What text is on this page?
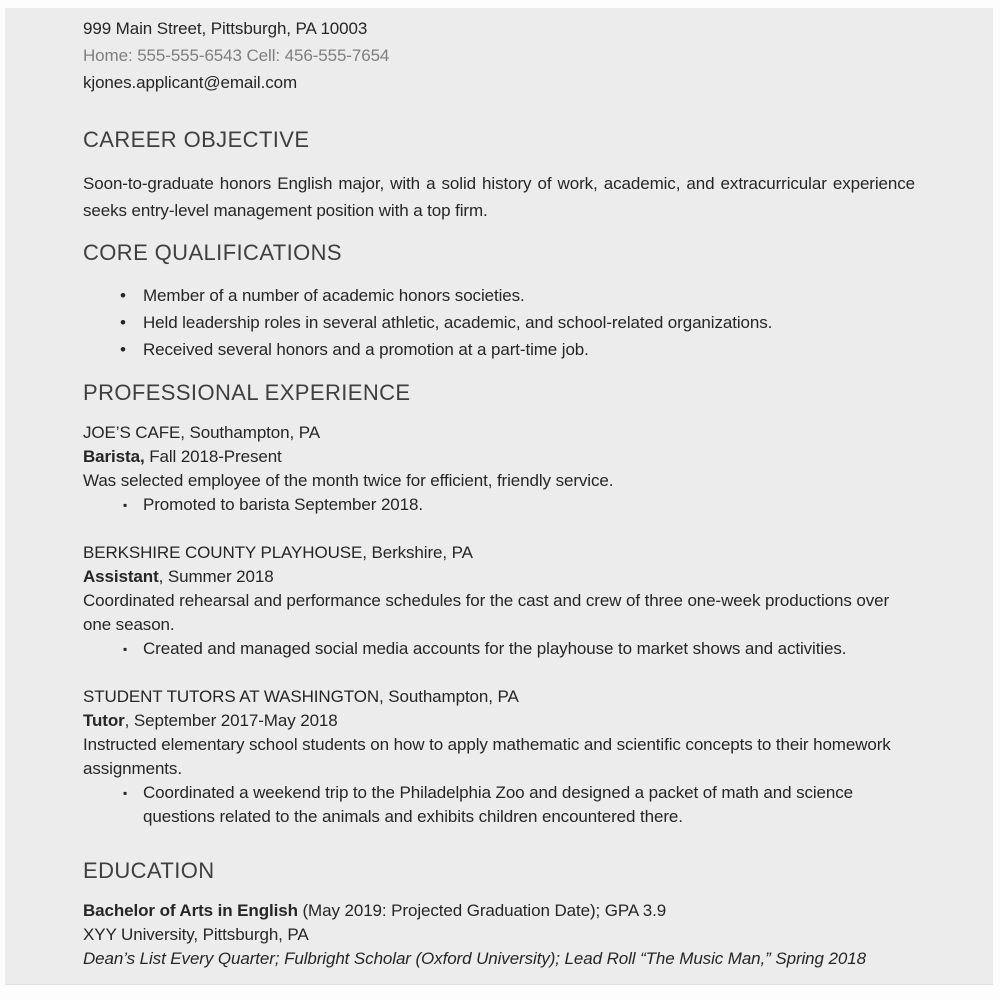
999 Main Street, Pittsburgh, PA 10003
Home: 555-555-6543 Cell: 456-555-7654
kjones.applicant@email.com
CAREER OBJECTIVE

Soon-to-graduate honors English major, with a solid history of work, academic, and extracurricular experience seeks entry-level management position with a top firm.

CORE QUALIFICATIONS
•	Member of a number of academic honors societies.
•	Held leadership roles in several athletic, academic, and school-related organizations.
•	Received several honors and a promotion at a part-time job.
PROFESSIONAL EXPERIENCE
JOE’S CAFE, Southampton, PA
Barista, Fall 2018-Present
Was selected employee of the month twice for efficient, friendly service.
▪ Promoted to barista September 2018.
BERKSHIRE COUNTY PLAYHOUSE, Berkshire, PA
Assistant, Summer 2018
Coordinated rehearsal and performance schedules for the cast and crew of three one-week productions over one season.
▪ Created and managed social media accounts for the playhouse to market shows and activities.
STUDENT TUTORS AT WASHINGTON, Southampton, PA
Tutor, September 2017-May 2018
Instructed elementary school students on how to apply mathematic and scientific concepts to their homework assignments.
▪ Coordinated a weekend trip to the Philadelphia Zoo and designed a packet of math and science questions related to the animals and exhibits children encountered there.
EDUCATION
Bachelor of Arts in English (May 2019: Projected Graduation Date); GPA 3.9
XYY University, Pittsburgh, PA
Dean’s List Every Quarter; Fulbright Scholar (Oxford University); Lead Roll “The Music Man,” Spring 2018
